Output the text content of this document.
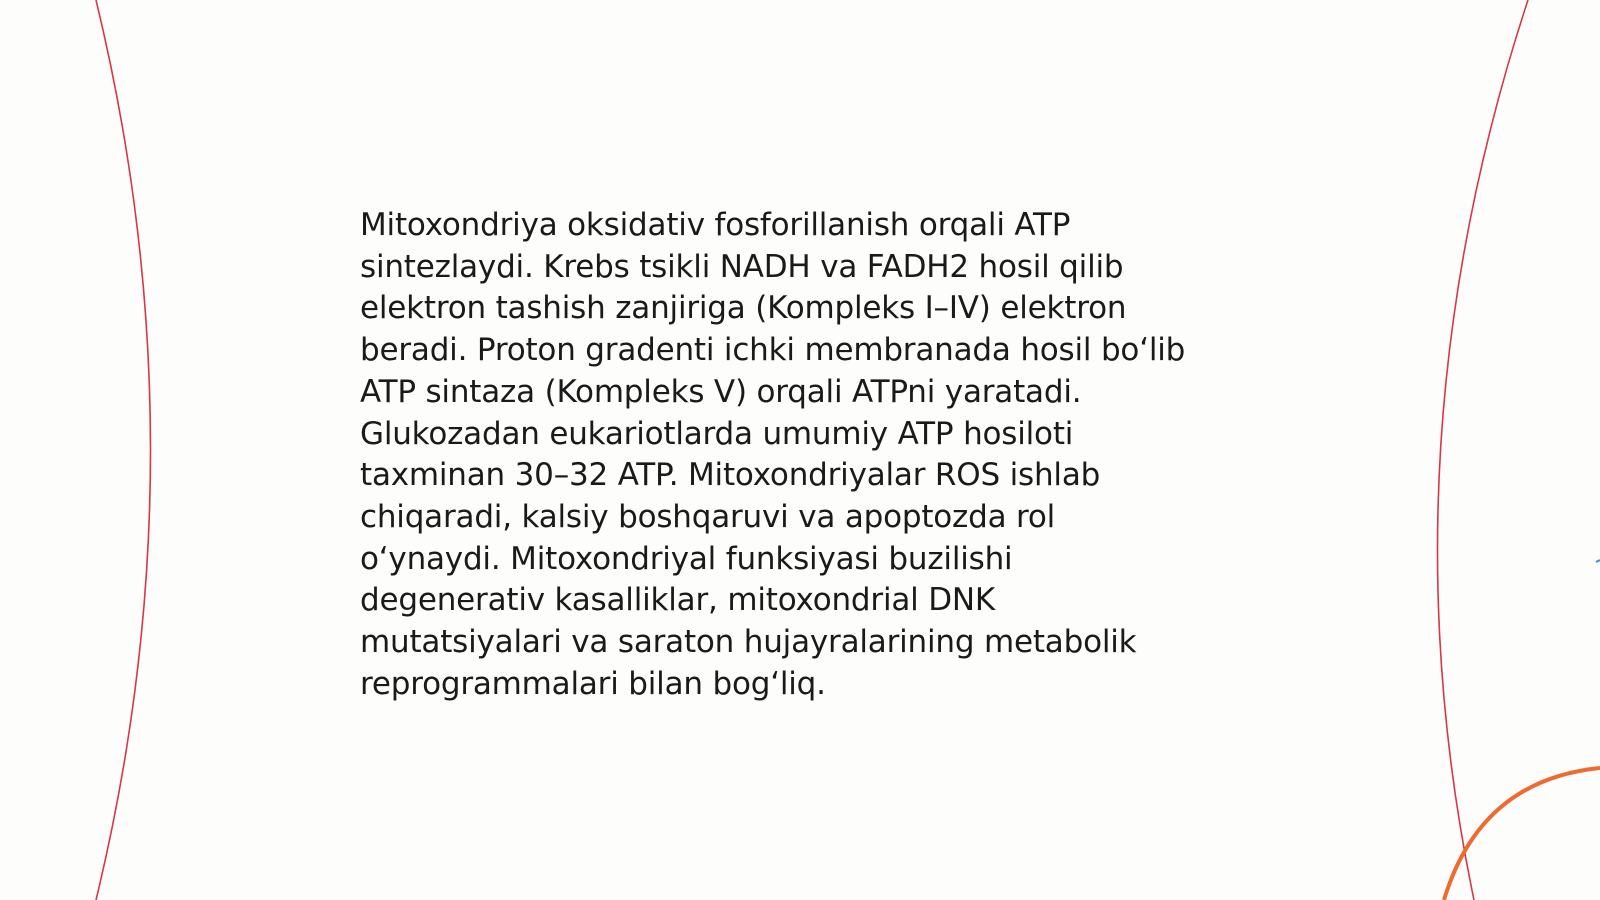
Mitoxondriya oksidativ fosforillanish orqali ATP
sintezlaydi. Krebs tsikli NADH va FADH2 hosil qilib
elektron tashish zanjiriga (Kompleks I–IV) elektron
beradi. Proton gradenti ichki membranada hosil bo‘lib
ATP sintaza (Kompleks V) orqali ATPni yaratadi.
Glukozadan eukariotlarda umumiy ATP hosiloti
taxminan 30–32 ATP. Mitoxondriyalar ROS ishlab
chiqaradi, kalsiy boshqaruvi va apoptozda rol
o‘ynaydi. Mitoxondriyal funksiyasi buzilishi
degenerativ kasalliklar, mitoxondrial DNK
mutatsiyalari va saraton hujayralarining metabolik
reprogrammalari bilan bog‘liq.
